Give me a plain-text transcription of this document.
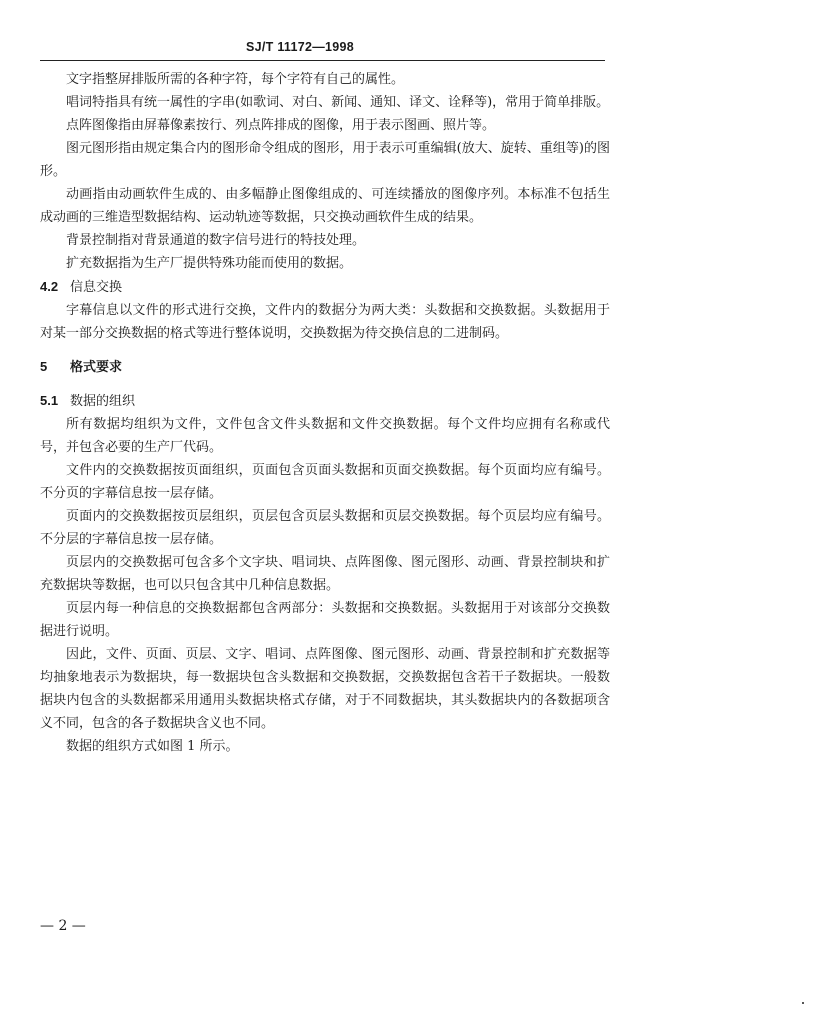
SJ/T 11172—1998

文字指整屏排版所需的各种字符，每个字符有自己的属性。

唱词特指具有统一属性的字串(如歌词、对白、新闻、通知、译文、诠释等)，常用于简单排版。

点阵图像指由屏幕像素按行、列点阵排成的图像，用于表示图画、照片等。

图元图形指由规定集合内的图形命令组成的图形，用于表示可重编辑(放大、旋转、重组等)的图形。

动画指由动画软件生成的、由多幅静止图像组成的、可连续播放的图像序列。本标准不包括生成动画的三维造型数据结构、运动轨迹等数据，只交换动画软件生成的结果。

背景控制指对背景通道的数字信号进行的特技处理。

扩充数据指为生产厂提供特殊功能而使用的数据。

4.2 信息交换

字幕信息以文件的形式进行交换，文件内的数据分为两大类：头数据和交换数据。头数据用于对某一部分交换数据的格式等进行整体说明，交换数据为待交换信息的二进制码。

5 格式要求
5.1 数据的组织

所有数据均组织为文件，文件包含文件头数据和文件交换数据。每个文件均应拥有名称或代号，并包含必要的生产厂代码。

文件内的交换数据按页面组织，页面包含页面头数据和页面交换数据。每个页面均应有编号。不分页的字幕信息按一层存储。

页面内的交换数据按页层组织，页层包含页层头数据和页层交换数据。每个页层均应有编号。不分层的字幕信息按一层存储。

页层内的交换数据可包含多个文字块、唱词块、点阵图像、图元图形、动画、背景控制块和扩充数据块等数据，也可以只包含其中几种信息数据。

页层内每一种信息的交换数据都包含两部分：头数据和交换数据。头数据用于对该部分交换数据进行说明。

因此，文件、页面、页层、文字、唱词、点阵图像、图元图形、动画、背景控制和扩充数据等均抽象地表示为数据块，每一数据块包含头数据和交换数据，交换数据包含若干子数据块。一般数据块内包含的头数据都采用通用头数据块格式存储，对于不同数据块，其头数据块内的各数据项含义不同，包含的各子数据块含义也不同。

数据的组织方式如图 1 所示。

— 2 —
